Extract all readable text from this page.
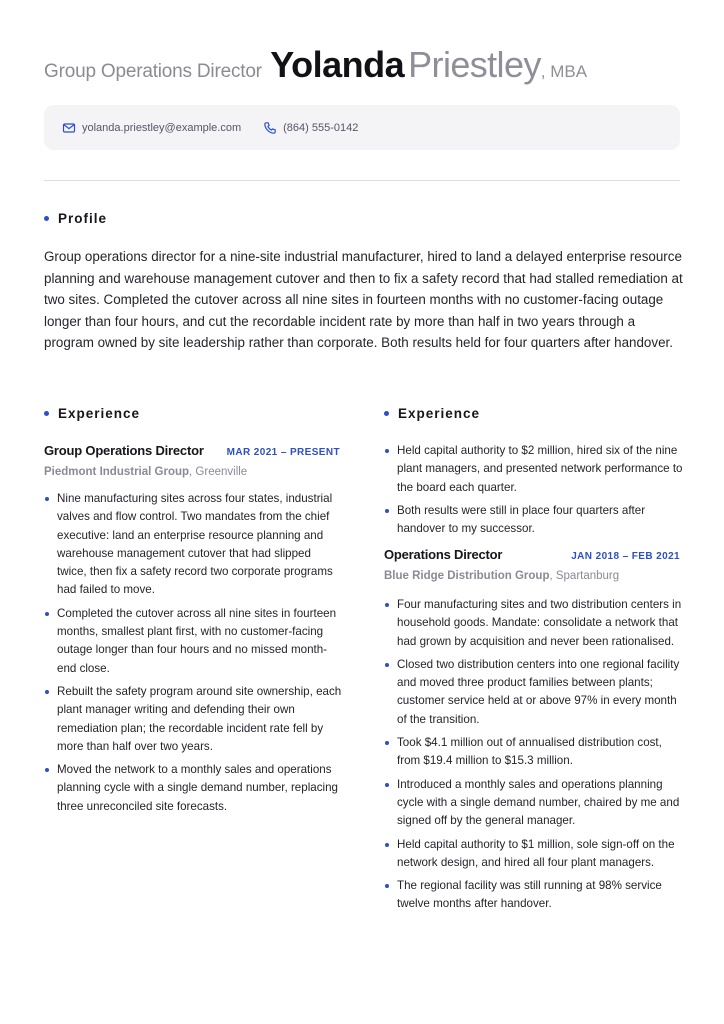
Group Operations Director Yolanda Priestley, MBA
yolanda.priestley@example.com	(864) 555-0142
Profile

Group operations director for a nine-site industrial manufacturer, hired to land a delayed enterprise resource planning and warehouse management cutover and then to fix a safety record that had stalled remediation at two sites. Completed the cutover across all nine sites in fourteen months with no customer-facing outage longer than four hours, and cut the recordable incident rate by more than half in two years through a program owned by site leadership rather than corporate. Both results held for four quarters after handover.

Experience
Group Operations Director MAR 2021 – PRESENT
Piedmont Industrial Group, Greenville
Nine manufacturing sites across four states, industrial valves and flow control. Two mandates from the chief executive: land an enterprise resource planning and warehouse management cutover that had slipped twice, then fix a safety record two corporate programs had failed to move.
Completed the cutover across all nine sites in fourteen months, smallest plant first, with no customer-facing outage longer than four hours and no missed month-end close.
Rebuilt the safety program around site ownership, each plant manager writing and defending their own remediation plan; the recordable incident rate fell by more than half over two years.
Moved the network to a monthly sales and operations planning cycle with a single demand number, replacing three unreconciled site forecasts.
Experience
Held capital authority to $2 million, hired six of the nine plant managers, and presented network performance to the board each quarter.
Both results were still in place four quarters after handover to my successor.
Operations Director	JAN 2018 – FEB 2021
Blue Ridge Distribution Group, Spartanburg
Four manufacturing sites and two distribution centers in household goods. Mandate: consolidate a network that had grown by acquisition and never been rationalised.
Closed two distribution centers into one regional facility and moved three product families between plants; customer service held at or above 97% in every month of the transition.
Took $4.1 million out of annualised distribution cost, from $19.4 million to $15.3 million.
Introduced a monthly sales and operations planning cycle with a single demand number, chaired by me and signed off by the general manager.
Held capital authority to $1 million, sole sign-off on the network design, and hired all four plant managers.
The regional facility was still running at 98% service twelve months after handover.
